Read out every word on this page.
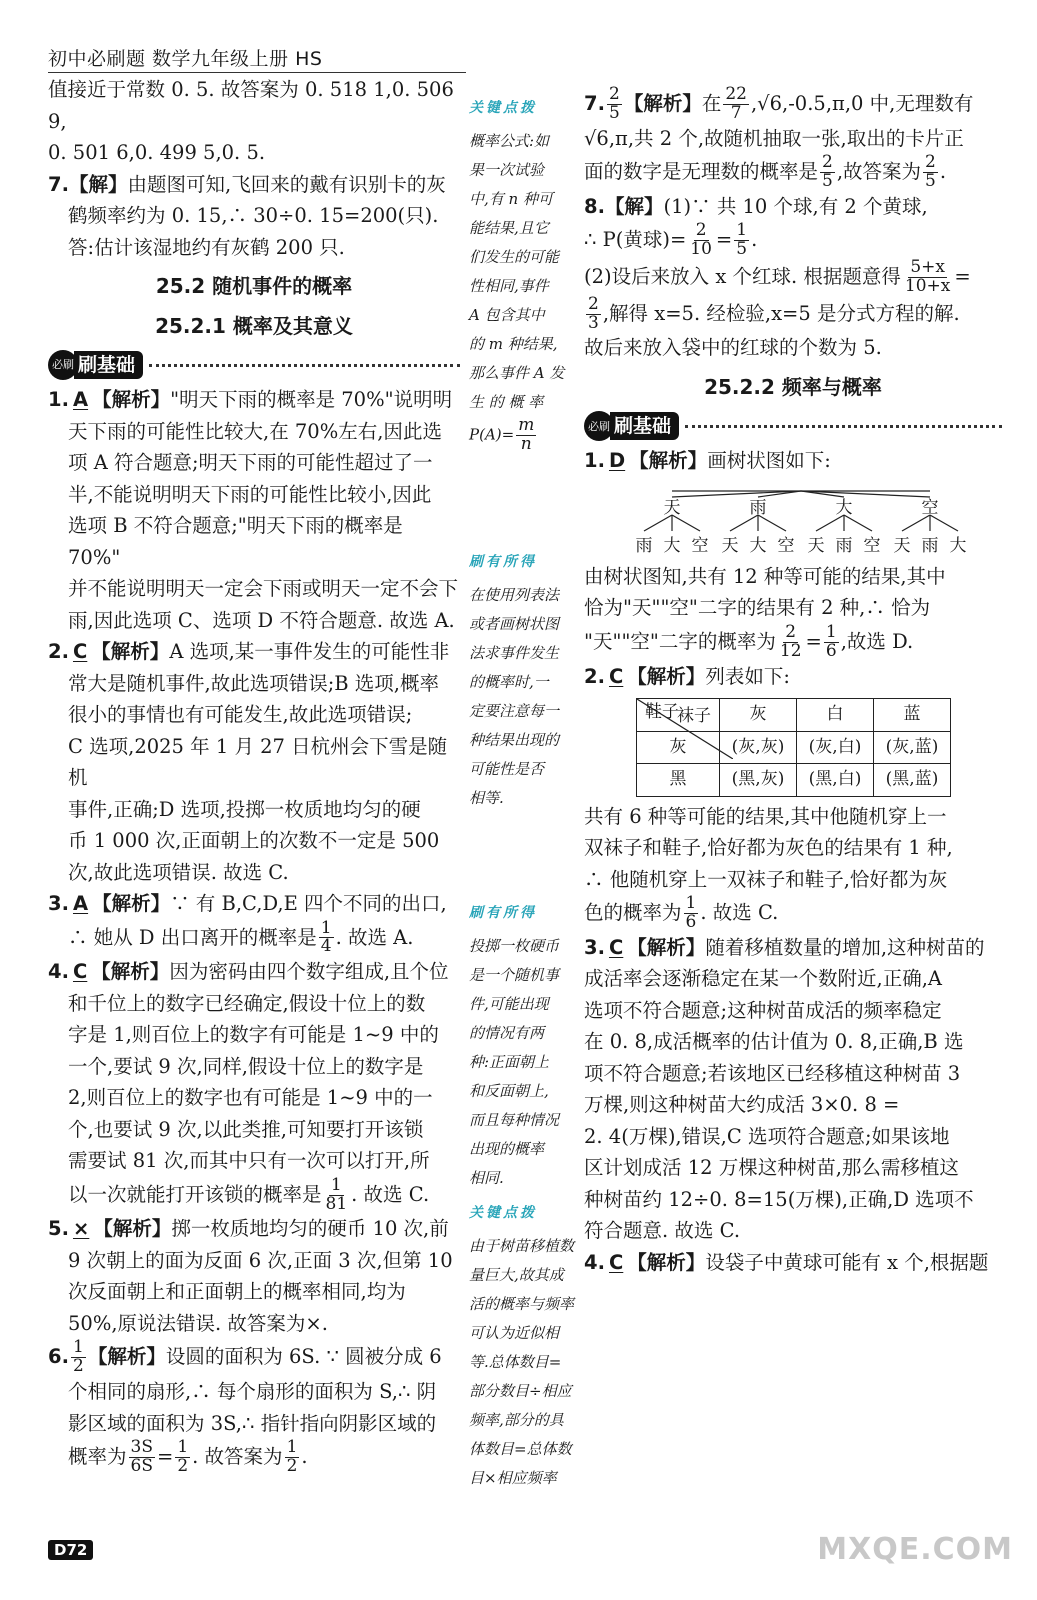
初中必刷题 数学九年级上册 HS

值接近于常数 0. 5. 故答案为 0. 518 1,0. 506 9,

0. 501 6,0. 499 5,0. 5.

7.【解】由题图可知,飞回来的戴有识别卡的灰

鹤频率约为 0. 15,∴ 30÷0. 15=200(只).

答:估计该湿地约有灰鹤 200 只.

25.2 随机事件的概率

25.2.1 概率及其意义

必刷 刷基础

1. A 【解析】"明天下雨的概率是 70%"说明明

天下雨的可能性比较大,在 70%左右,因此选

项 A 符合题意;明天下雨的可能性超过了一

半,不能说明明天下雨的可能性比较小,因此

选项 B 不符合题意;"明天下雨的概率是 70%"

并不能说明明天一定会下雨或明天一定不会下

雨,因此选项 C、选项 D 不符合题意. 故选 A.

2. C 【解析】A 选项,某一事件发生的可能性非

常大是随机事件,故此选项错误;B 选项,概率

很小的事情也有可能发生,故此选项错误;

C 选项,2025 年 1 月 27 日杭州会下雪是随机

事件,正确;D 选项,投掷一枚质地均匀的硬

币 1 000 次,正面朝上的次数不一定是 500

次,故此选项错误. 故选 C.

3. A 【解析】∵ 有 B,C,D,E 四个不同的出口,

∴ 她从 D 出口离开的概率是 $\frac{1}{4}$ . 故选 A.

4. C 【解析】因为密码由四个数字组成,且个位

和千位上的数字已经确定,假设十位上的数

字是 1,则百位上的数字有可能是 1~9 中的

一个,要试 9 次,同样,假设十位上的数字是

2,则百位上的数字也有可能是 1~9 中的一

个,也要试 9 次,以此类推,可知要打开该锁

需要试 81 次,而其中只有一次可以打开,所

以一次就能打开该锁的概率是 $\frac{1}{81}$ . 故选 C.

5. × 【解析】掷一枚质地均匀的硬币 10 次,前

9 次朝上的面为反面 6 次,正面 3 次,但第 10

次反面朝上和正面朝上的概率相同,均为

50%,原说法错误. 故答案为×.

6. $\frac{1}{2}$ 【解析】设圆的面积为 6S. ∵ 圆被分成 6

个相同的扇形,∴ 每个扇形的面积为 S,∴ 阴

影区域的面积为 3S,∴ 指针指向阴影区域的

概率为 $\frac{3S}{6S} = \frac{1}{2}$ . 故答案为 $\frac{1}{2}$ .

关键点拨
概率公式:如
果一次试验
中,有 n 种可
能结果,且它
们发生的可能
性相同,事件
A 包含其中
的 m 种结果,
那么事件 A 发
生 的 概 率
$P(A)= \frac{m}{n}$
刷有所得
在使用列表法
或者画树状图
法求事件发生
的概率时,一
定要注意每一
种结果出现的
可能性是否
相等.
刷有所得
投掷一枚硬币
是一个随机事
件,可能出现
的情况有两
种:正面朝上
和反面朝上,
而且每种情况
出现的概率
相同.
关键点拨
由于树苗移植数
量巨大,故其成
活的概率与频率
可认为近似相
等.总体数目=
部分数目÷相应
频率,部分的具
体数目=总体数
目×相应频率

7. $\frac{2}{5}$ 【解析】在 $\frac{22}{7} ,√6,-0.5,\pi,0$ 中,无理数有

√6,π,共 2 个,故随机抽取一张,取出的卡片正

面的数字是无理数的概率是 $\frac{2}{5}$ ,故答案为 $\frac{2}{5}$ .

8.【解】(1)∵ 共 10 个球,有 2 个黄球,

∴ P(黄球)= $\frac{2}{10} = \frac{1}{5}$ .

(2)设后来放入 x 个红球. 根据题意得 $\frac{5+x}{10+x}$ =

$\frac{2}{3}$ ,解得 x=5. 经检验,x=5 是分式方程的解.

故后来放入袋中的红球的个数为 5.

25.2.2 频率与概率

必刷 刷基础

1. D 【解析】画树状图如下:

天	雨	大	空
雨 大 空 天 大 空 天 雨 空 天 雨 大

由树状图知,共有 12 种等可能的结果,其中

恰为"天""空"二字的结果有 2 种,∴ 恰为

"天""空"二字的概率为 $\frac{2}{12} = \frac{1}{6}$ ,故选 D.

2. C 【解析】列表如下:

袜子
鞋子	灰	白	蓝
灰	(灰,灰)	(灰,白)	(灰,蓝)
黑	(黑,灰)	(黑,白)	(黑,蓝)

共有 6 种等可能的结果,其中他随机穿上一

双袜子和鞋子,恰好都为灰色的结果有 1 种,

∴ 他随机穿上一双袜子和鞋子,恰好都为灰

色的概率为 $\frac{1}{6}$ . 故选 C.

3. C 【解析】随着移植数量的增加,这种树苗的

成活率会逐渐稳定在某一个数附近,正确,A

选项不符合题意;这种树苗成活的频率稳定

在 0. 8,成活概率的估计值为 0. 8,正确,B 选

项不符合题意;若该地区已经移植这种树苗 3

万棵,则这种树苗大约成活 3×0. 8 =

2. 4(万棵),错误,C 选项符合题意;如果该地

区计划成活 12 万棵这种树苗,那么需移植这

种树苗约 12÷0. 8=15(万棵),正确,D 选项不

符合题意. 故选 C.

4. C 【解析】设袋子中黄球可能有 x 个,根据题

D72	MXQE.COM
